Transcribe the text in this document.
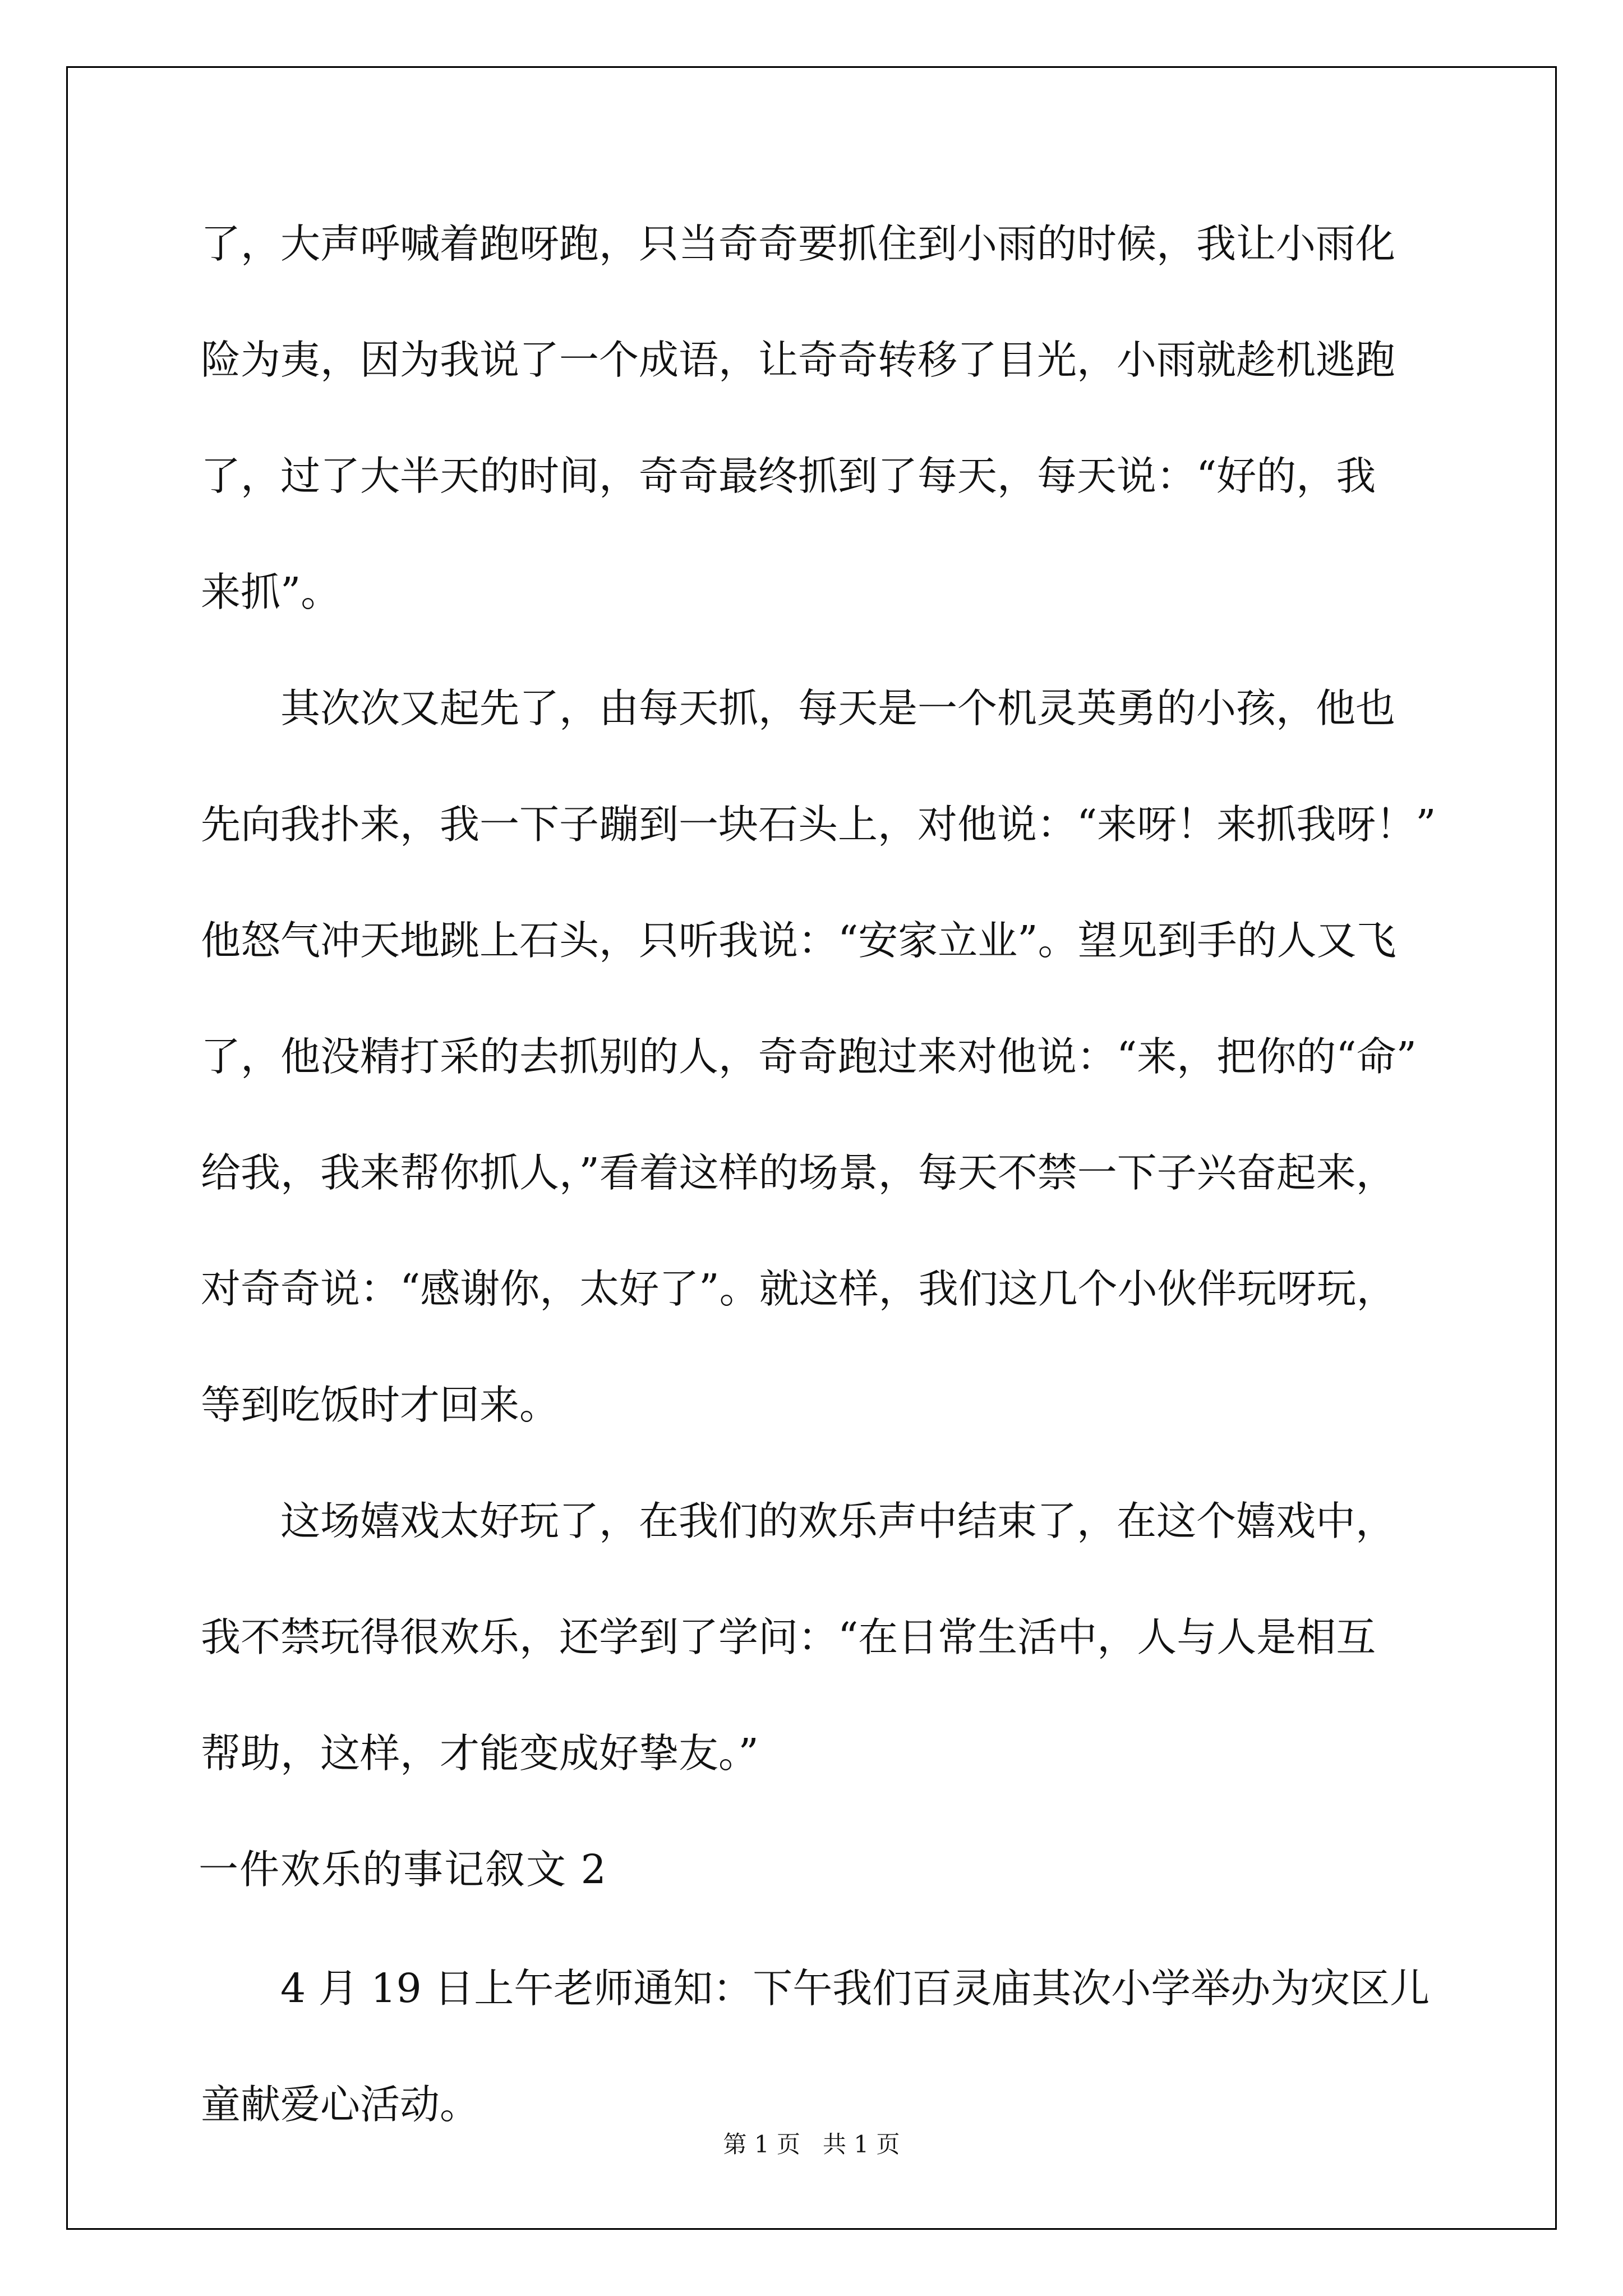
了，大声呼喊着跑呀跑，只当奇奇要抓住到小雨的时候，我让小雨化
险为夷，因为我说了一个成语，让奇奇转移了目光，小雨就趁机逃跑
了，过了大半天的时间，奇奇最终抓到了每天，每天说：“好的，我
来抓”。
其次次又起先了，由每天抓，每天是一个机灵英勇的小孩，他也
先向我扑来，我一下子蹦到一块石头上，对他说：“来呀！来抓我呀！”
他怒气冲天地跳上石头，只听我说：“安家立业”。望见到手的人又飞
了，他没精打采的去抓别的人，奇奇跑过来对他说：“来，把你的“命”
给我，我来帮你抓人，”看着这样的场景，每天不禁一下子兴奋起来，
对奇奇说：“感谢你，太好了”。就这样，我们这几个小伙伴玩呀玩，
等到吃饭时才回来。
这场嬉戏太好玩了，在我们的欢乐声中结束了，在这个嬉戏中，
我不禁玩得很欢乐，还学到了学问：“在日常生活中，人与人是相互
帮助，这样，才能变成好挚友。”
一件欢乐的事记叙文 2
4 月 19 日上午老师通知：下午我们百灵庙其次小学举办为灾区儿
童献爱心活动。
第 1 页   共 1 页
